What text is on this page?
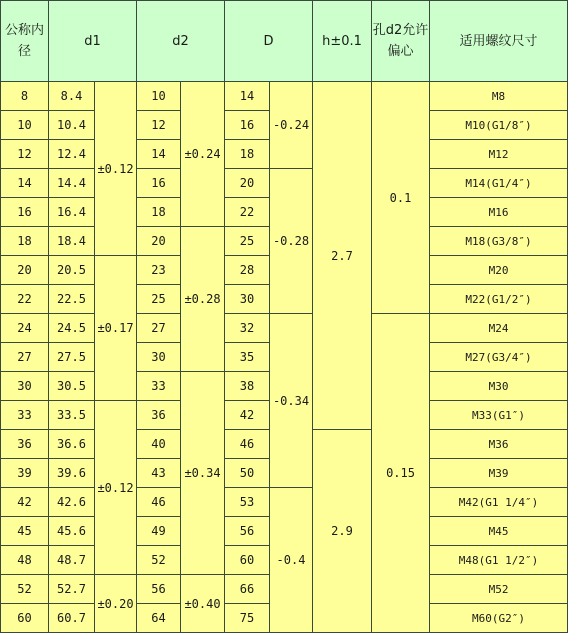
公称内径	d1		d2		D		h±0.1	孔d2允许偏心	适用螺纹尺寸
8	8.4	±0.12	10	±0.24	14	-0.24	2.7	0.1	M8
10	10.4		12		16				M10(G1/8″)
12	12.4		14		18				M12
14	14.4		16		20	-0.28			M14(G1/4″)
16	16.4		18		22				M16
18	18.4		20	±0.28	25				M18(G3/8″)
20	20.5	±0.17	23		28				M20
22	22.5		25		30				M22(G1/2″)
24	24.5		27		32	-0.34		0.15	M24
27	27.5		30		35				M27(G3/4″)
30	30.5		33	±0.34	38				M30
33	33.5	±0.12	36		42				M33(G1″)
36	36.6		40		46		2.9		M36
39	39.6		43		50				M39
42	42.6		46		53	-0.4			M42(G1 1/4″)
45	45.6		49		56				M45
48	48.7		52		60				M48(G1 1/2″)
52	52.7	±0.20	56	±0.40	66				M52
60	60.7		64		75				M60(G2″)
